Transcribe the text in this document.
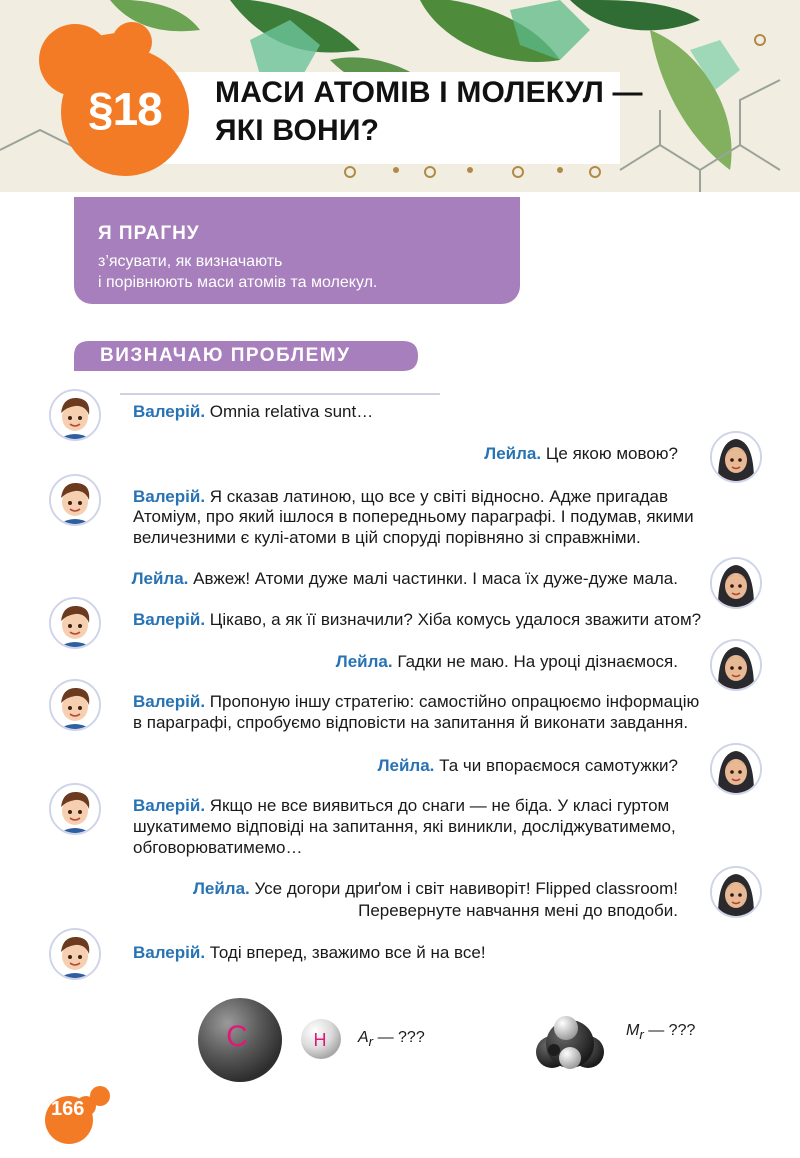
§18 МАСИ АТОМІВ І МОЛЕКУЛ —
ЯКІ ВОНИ?
Я ПРАГНУ
з’ясувати, як визначають
і порівнюють маси атомів та молекул.
ВИЗНАЧАЮ ПРОБЛЕМУ
Валерій. Omnia relativa sunt…
Лейла. Це якою мовою?
Валерій. Я сказав латиною, що все у світі відносно. Адже пригадав
Атоміум, про який ішлося в попередньому параграфі. І подумав, якими
величезними є кулі-атоми в цій споруді порівняно зі справжніми.
Лейла. Авжеж! Атоми дуже малі частинки. І маса їх дуже-дуже мала.
Валерій. Цікаво, а як її визначили? Хіба комусь удалося зважити атом?
Лейла. Гадки не маю. На уроці дізнаємося.
Валерій. Пропоную іншу стратегію: самостійно опрацюємо інформацію
в параграфі, спробуємо відповісти на запитання й виконати завдання.
Лейла. Та чи впораємося самотужки?
Валерій. Якщо не все виявиться до снаги — не біда. У класі гуртом
шукатимемо відповіді на запитання, які виникли, досліджуватимемо,
обговорюватимемо…
Лейла. Усе догори дриґом і світ навиворіт! Flipped classroom!
Перевернуте навчання мені до вподоби.
Валерій. Тоді вперед, зважимо все й на все!
C	H $A_r$ — ???	$M_r$ — ???
166
